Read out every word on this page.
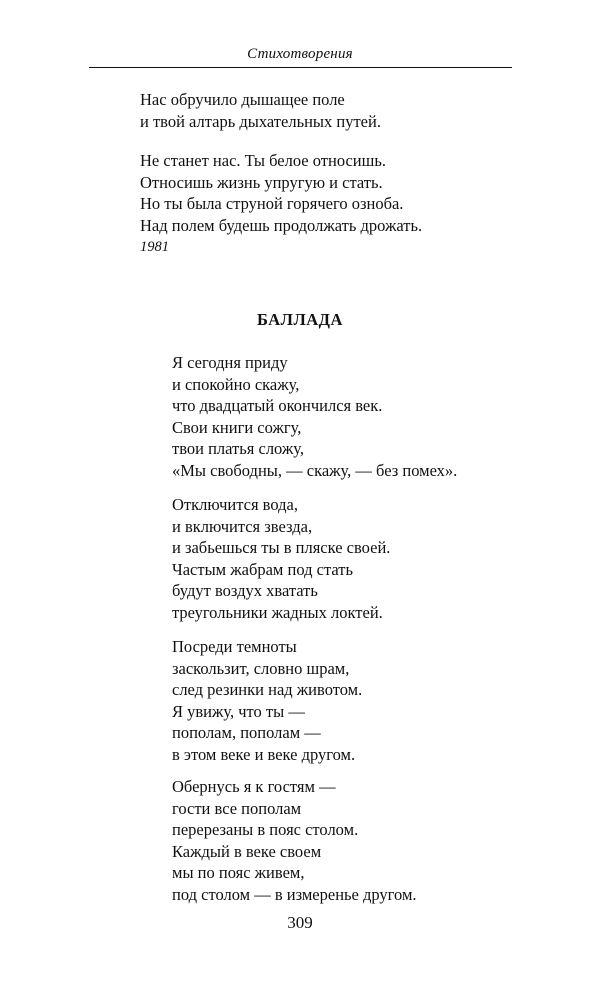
Стихотворения
Нас обручило дышащее поле
и твой алтарь дыхательных путей.
Не станет нас. Ты белое относишь.
Относишь жизнь упругую и стать.
Но ты была струной горячего озноба.
Над полем будешь продолжать дрожать.
1981
БАЛЛАДА
Я сегодня приду
и спокойно скажу,
что двадцатый окончился век.
Свои книги сожгу,
твои платья сложу,
«Мы свободны, — скажу, — без помех».
Отключится вода,
и включится звезда,
и забьешься ты в пляске своей.
Частым жабрам под стать
будут воздух хватать
треугольники жадных локтей.
Посреди темноты
заскользит, словно шрам,
след резинки над животом.
Я увижу, что ты —
пополам, пополам —
в этом веке и веке другом.
Обернусь я к гостям —
гости все пополам
перерезаны в пояс столом.
Каждый в веке своем
мы по пояс живем,
под столом — в измеренье другом.
309
